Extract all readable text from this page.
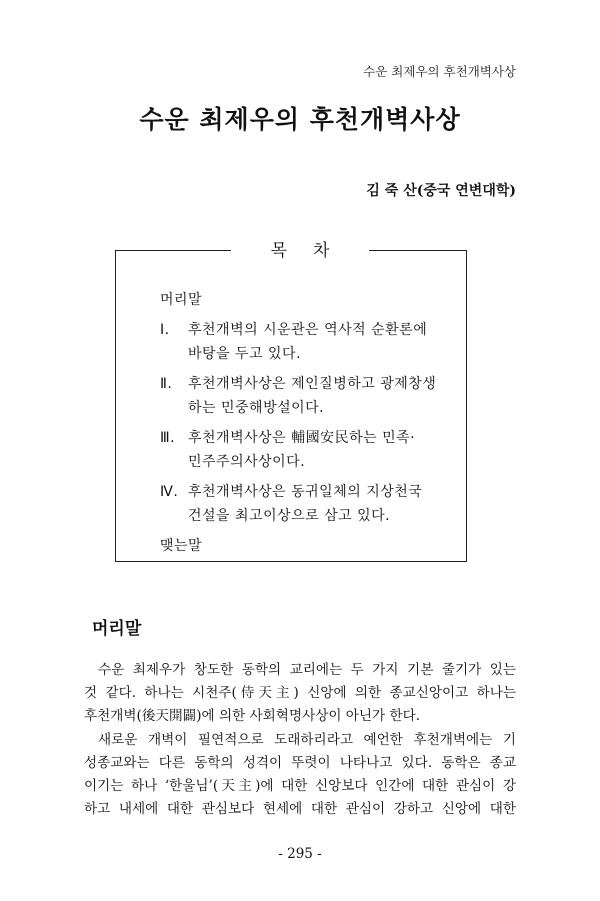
수운 최제우의 후천개벽사상
수운 최제우의 후천개벽사상
김 죽 산(중국 연변대학)
목차
머리말
Ⅰ. 후천개벽의 시운관은 역사적 순환론에
바탕을 두고 있다.
Ⅱ. 후천개벽사상은 제인질병하고 광제창생
하는 민중해방설이다.
Ⅲ. 후천개벽사상은 輔國安民하는 민족·
민주주의사상이다.
Ⅳ. 후천개벽사상은 동귀일체의 지상천국
건설을 최고이상으로 삼고 있다.
맺는말
머리말

수운 최제우가 창도한 동학의 교리에는 두 가지 기본 줄기가 있는

것 같다. 하나는 시천주(侍天主) 신앙에 의한 종교신앙이고 하나는

후천개벽(後天開闢)에 의한 사회혁명사상이 아닌가 한다.

새로운 개벽이 필연적으로 도래하리라고 예언한 후천개벽에는 기

성종교와는 다른 동학의 성격이 뚜렷이 나타나고 있다. 동학은 종교

이기는 하나 ‘한울님’(天主)에 대한 신앙보다 인간에 대한 관심이 강

하고 내세에 대한 관심보다 현세에 대한 관심이 강하고 신앙에 대한

- 295 -
